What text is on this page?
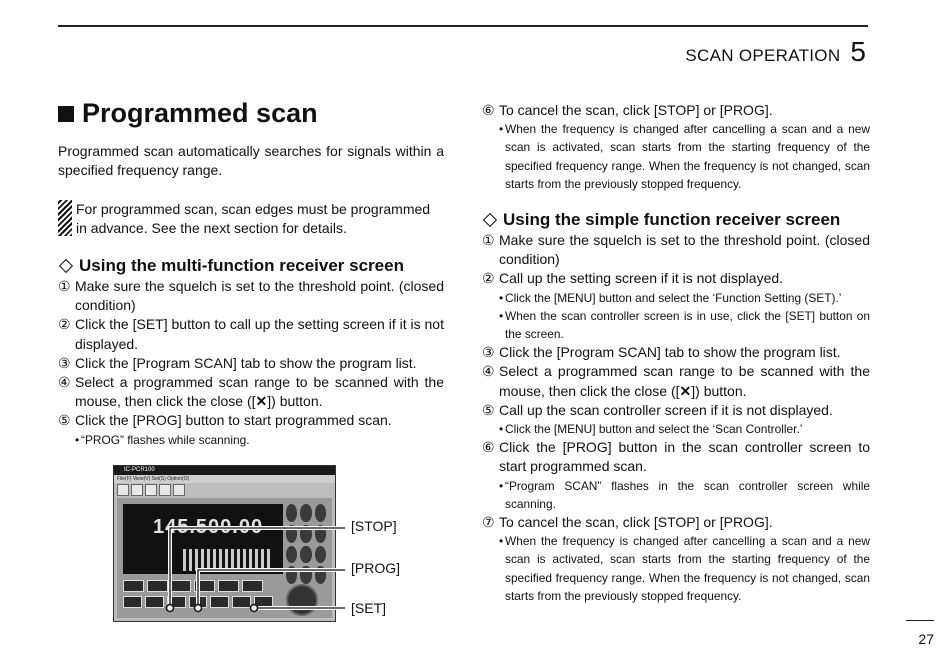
SCAN OPERATION 5
Programmed scan
Programmed scan automatically searches for signals within a specified frequency range.
For programmed scan, scan edges must be programmed in advance. See the next section for details.
Using the multi-function receiver screen
① Make sure the squelch is set to the threshold point. (closed condition)
② Click the [SET] button to call up the setting screen if it is not displayed.
③ Click the [Program SCAN] tab to show the program list.
④ Select a programmed scan range to be scanned with the mouse, then click the close ([✕]) button.
⑤ Click the [PROG] button to start programmed scan.
• “PROG” flashes while scanning.
IC-PCR100
File(F) View(V) Set(S) Option(O)
145.500.00	[STOP]
[PROG]
[SET]
⑥ To cancel the scan, click [STOP] or [PROG].
• When the frequency is changed after cancelling a scan and a new scan is activated, scan starts from the starting frequency of the specified frequency range. When the frequency is not changed, scan starts from the previously stopped frequency.
Using the simple function receiver screen
① Make sure the squelch is set to the threshold point. (closed condition)
② Call up the setting screen if it is not displayed.
• Click the [MENU] button and select the ‘Function Setting (SET).’
• When the scan controller screen is in use, click the [SET] button on the screen.
③ Click the [Program SCAN] tab to show the program list.
④ Select a programmed scan range to be scanned with the mouse, then click the close ([✕]) button.
⑤ Call up the scan controller screen if it is not displayed.
• Click the [MENU] button and select the ‘Scan Controller.’
⑥ Click the [PROG] button in the scan controller screen to start programmed scan.
• “Program SCAN” flashes in the scan controller screen while scanning.
⑦ To cancel the scan, click [STOP] or [PROG].
• When the frequency is changed after cancelling a scan and a new scan is activated, scan starts from the starting frequency of the specified frequency range. When the frequency is not changed, scan starts from the previously stopped frequency.
27
